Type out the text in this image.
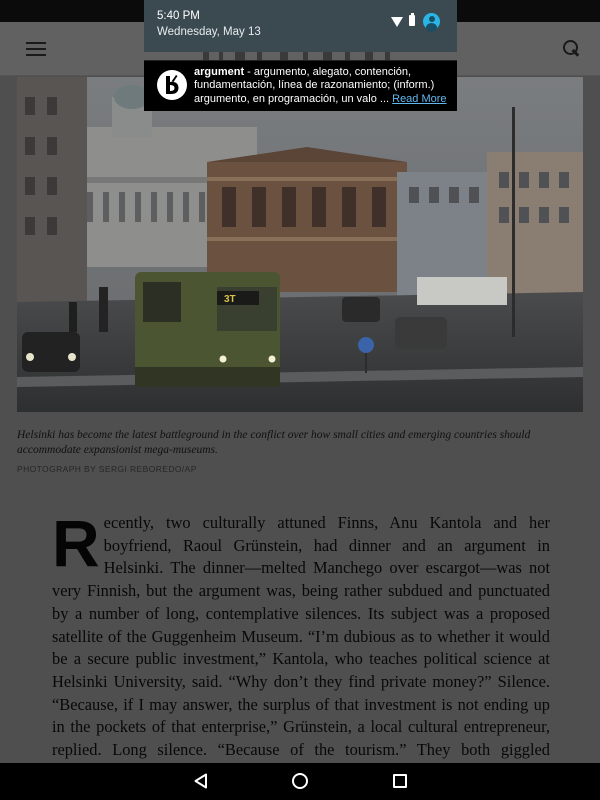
3T
Helsinki has become the latest battleground in the conflict over how small cities and emerging countries should accommodate expansionist mega-museums.
PHOTOGRAPH BY SERGI REBOREDO/AP
R ecently, two culturally attuned Finns, Anu Kantola and her boyfriend, Raoul Grünstein, had dinner and an argument in Helsinki. The dinner—melted Manchego over escargot—was not very Finnish, but the argument was, being rather subdued and punctuated by a number of long, contemplative silences. Its subject was a proposed satellite of the Guggenheim Museum. “I’m dubious as to whether it would be a secure public investment,” Kantola, who teaches political science at Helsinki University, said. “Why don’t they find private money?” Silence. “Because, if I may answer, the surplus of that investment is not ending up in the pockets of that enterprise,” Grünstein, a local cultural entrepreneur, replied. Long silence. “Because of the tourism.” They both giggled
5:40 PM
Wednesday, May 13
argument - argumento, alegato, contención, fundamentación, línea de razonamiento; (inform.) argumento, en programación, un valo ... Read More
